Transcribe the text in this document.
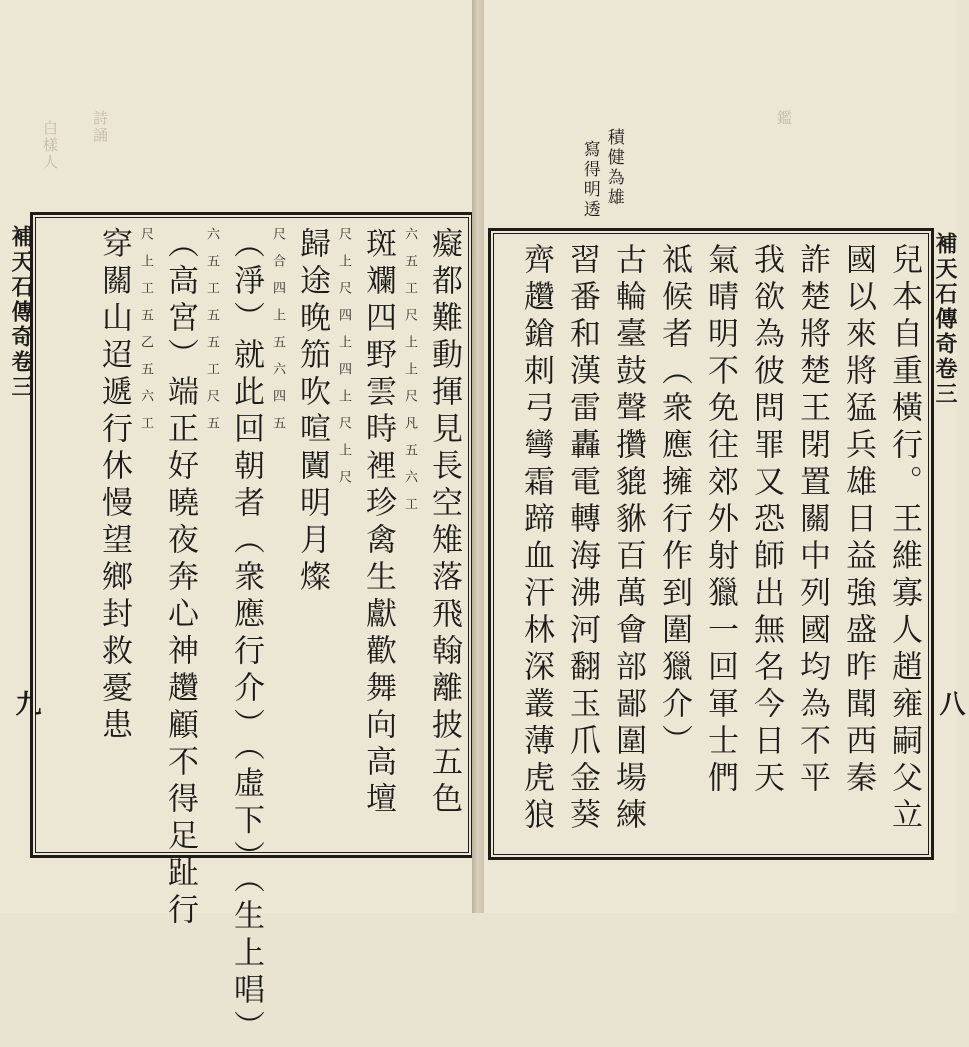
白樣人 詩誦
補天石傳奇卷三
九	癡都難動揮見長空雉落飛翰離披五色
六五工尺上上尺凡五六工
斑斕四野雲時裡珍禽生獻歡舞向高壇
尺上尺四上四上尺上尺
歸途晚笳吹喧闐明月燦
尺合四上五六四五
（淨）就此回朝者（衆應行介）（虛下）（生上唱）
六五工五五工尺五
（高宮）端正好曉夜奔心神趲顧不得足趾行
尺上工五乙五六工
穿關山迢遞行休慢望鄉封救憂患
鑑
積健為雄
寫得明透
補天石傳奇卷三
八
兒本自重橫行。王維寡人趙雍嗣父立
國以來將猛兵雄日益強盛昨聞西秦
詐楚將楚王閉置關中列國均為不平
我欲為彼問罪又恐師出無名今日天
氣晴明不免往郊外射獵一回軍士們
祗候者（衆應擁行作到圍獵介）
古輪臺鼓聲攢貔貅百萬會部鄙圍場練
習番和漢雷轟電轉海沸河翻玉爪金葵
齊趲鎗刺弓彎霜蹄血汗林深叢薄虎狼
